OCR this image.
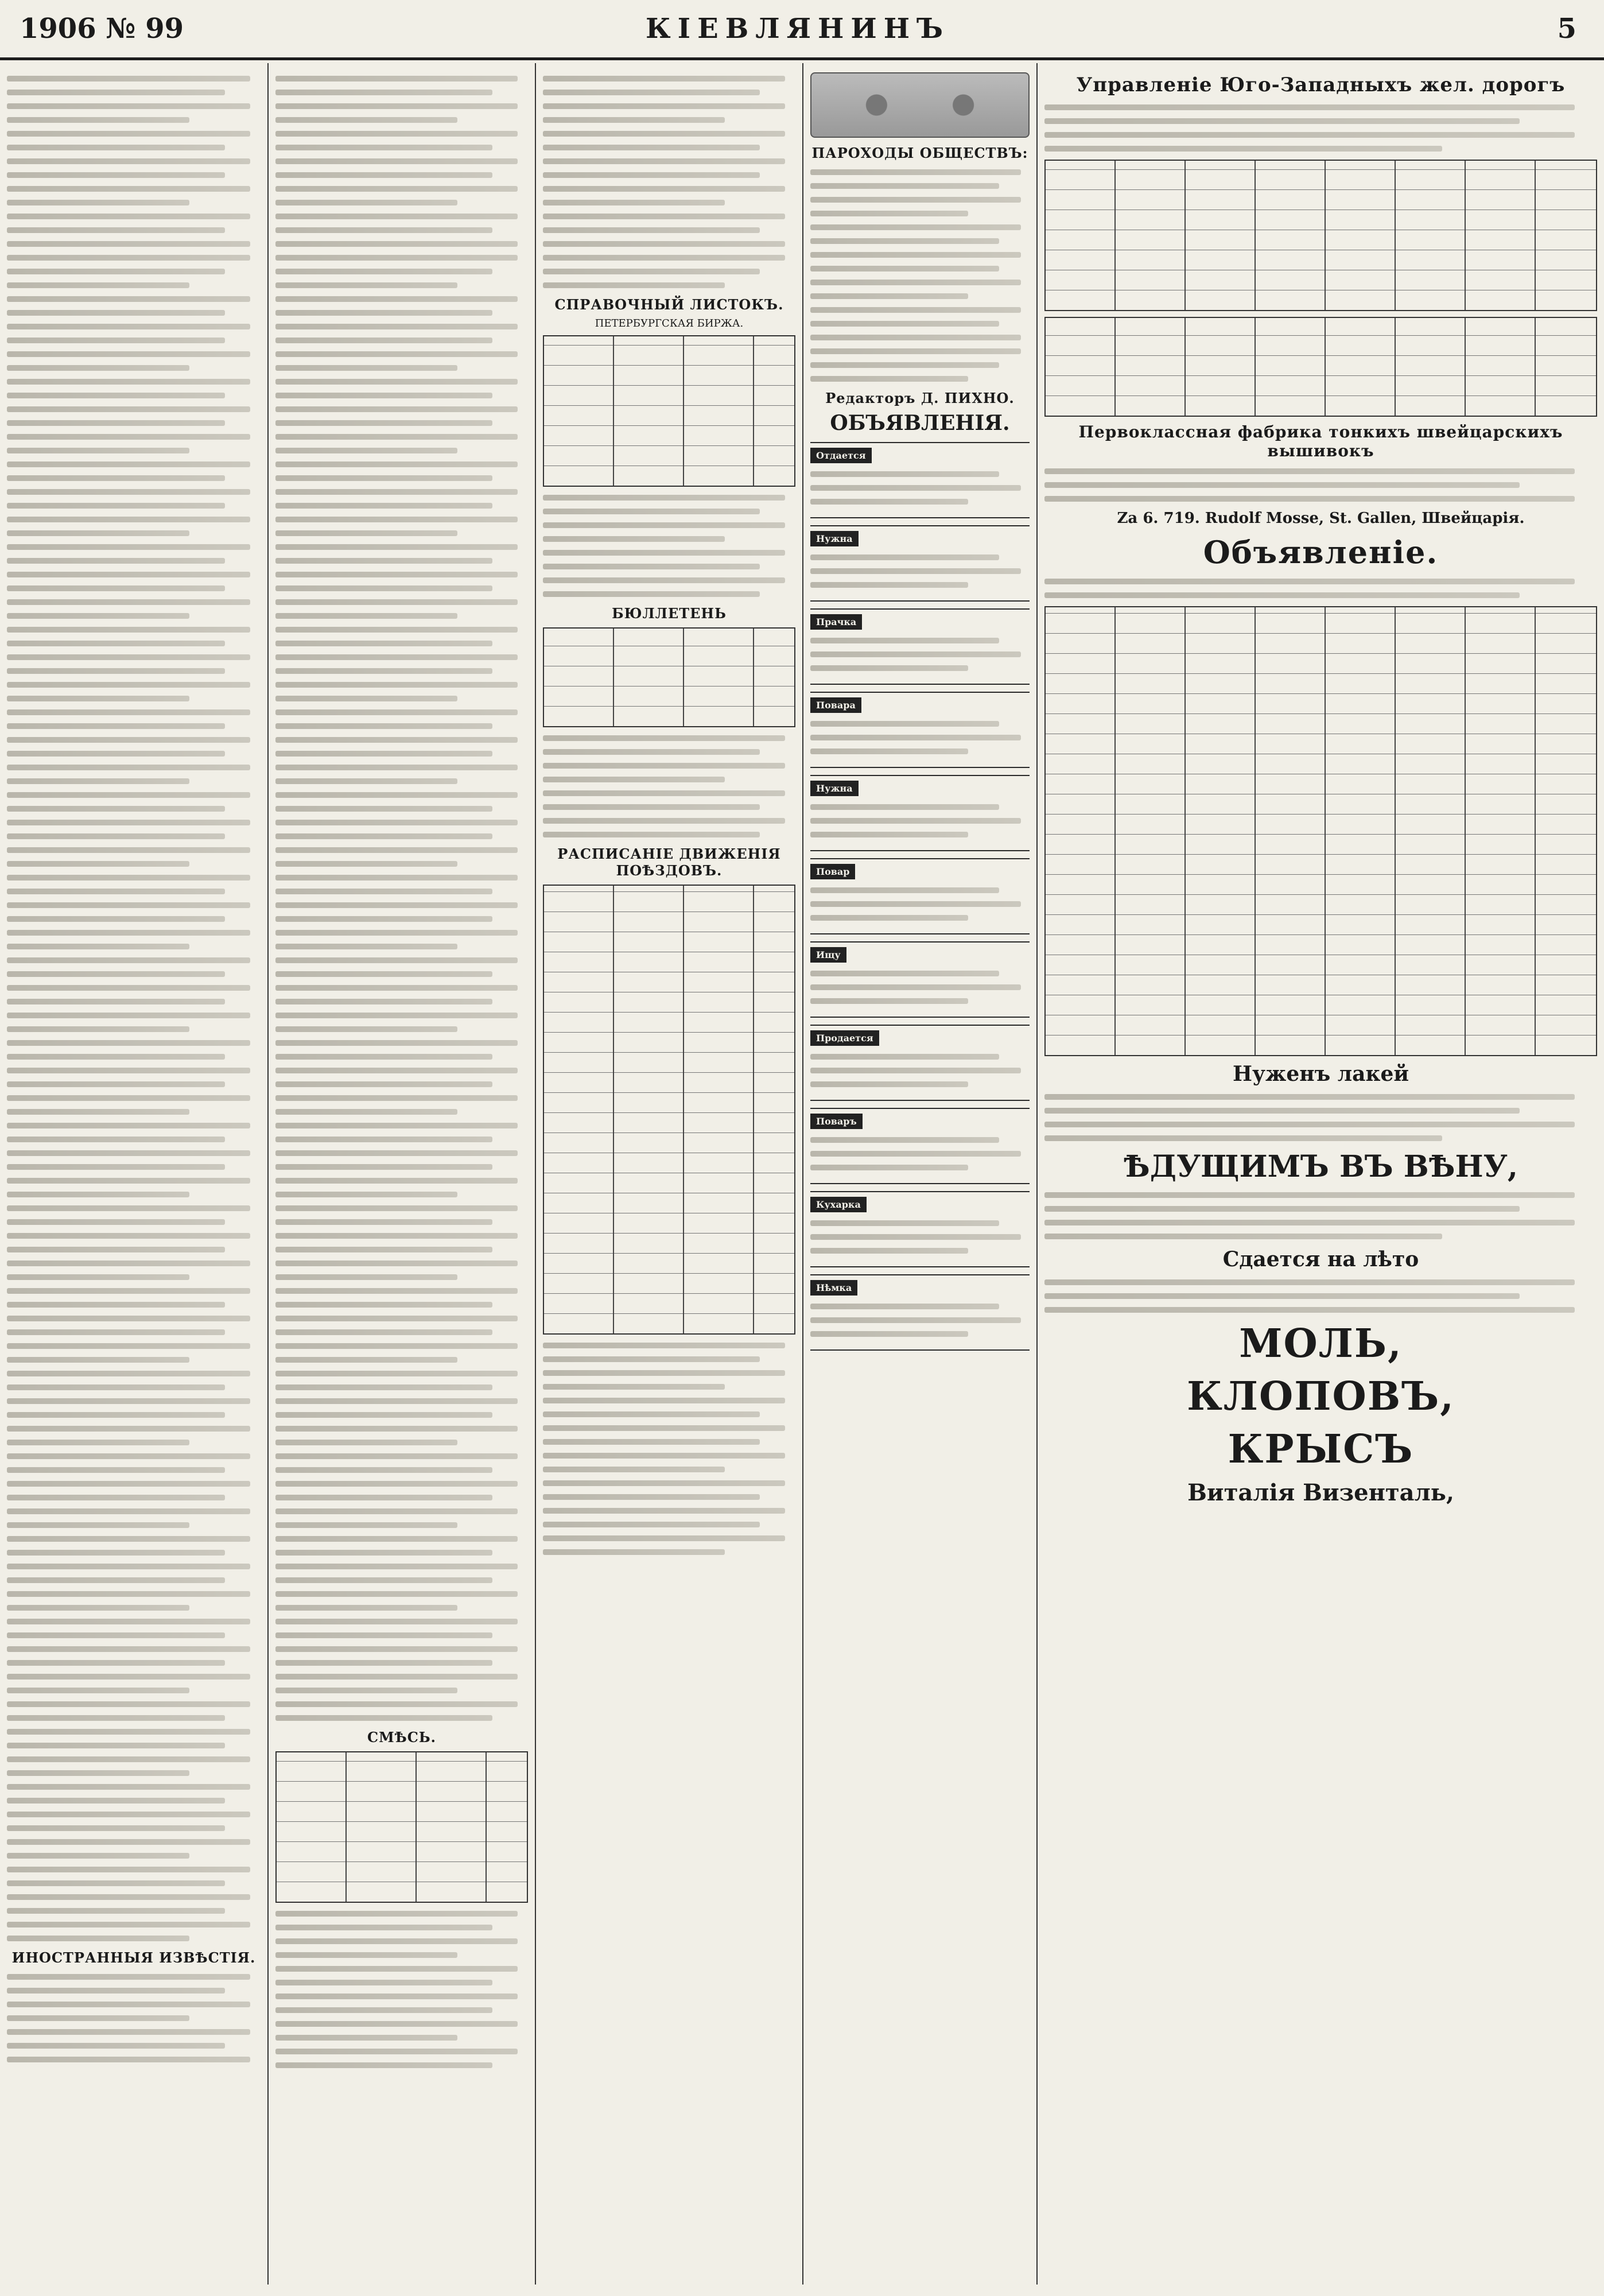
1906 № 99	КІЕВЛЯНИНЪ	5
ИНОСТРАННЫЯ ИЗВѢСТІЯ.
СМѢСЬ.
СПРАВОЧНЫЙ ЛИСТОКЪ.
ПЕТЕРБУРГСКАЯ БИРЖА.
БЮЛЛЕТЕНЬ
РАСПИСАНІЕ ДВИЖЕНІЯ ПОѢЗДОВЪ.
ПАРОХОДЫ ОБЩЕСТВЪ:
Редакторъ Д. ПИХНО.
ОБЪЯВЛЕНІЯ.
Отдается
Нужна
Прачка
Повара
Нужна
Повар
Ищу
Продается
Поваръ
Кухарка
Нѣмка
Управленіе Юго-Западныхъ жел. дорогъ
Первоклассная фабрика тонкихъ швейцарскихъ вышивокъ
Za 6. 719. Rudolf Mosse, St. Gallen, Швейцарія.
Объявленіе.
Нуженъ лакей
ѢДУЩИМЪ ВЪ ВѢНУ,
Сдается на лѣто
МОЛЬ,
КЛОПОВЪ,
КРЫСЪ
Виталія Визенталь,
